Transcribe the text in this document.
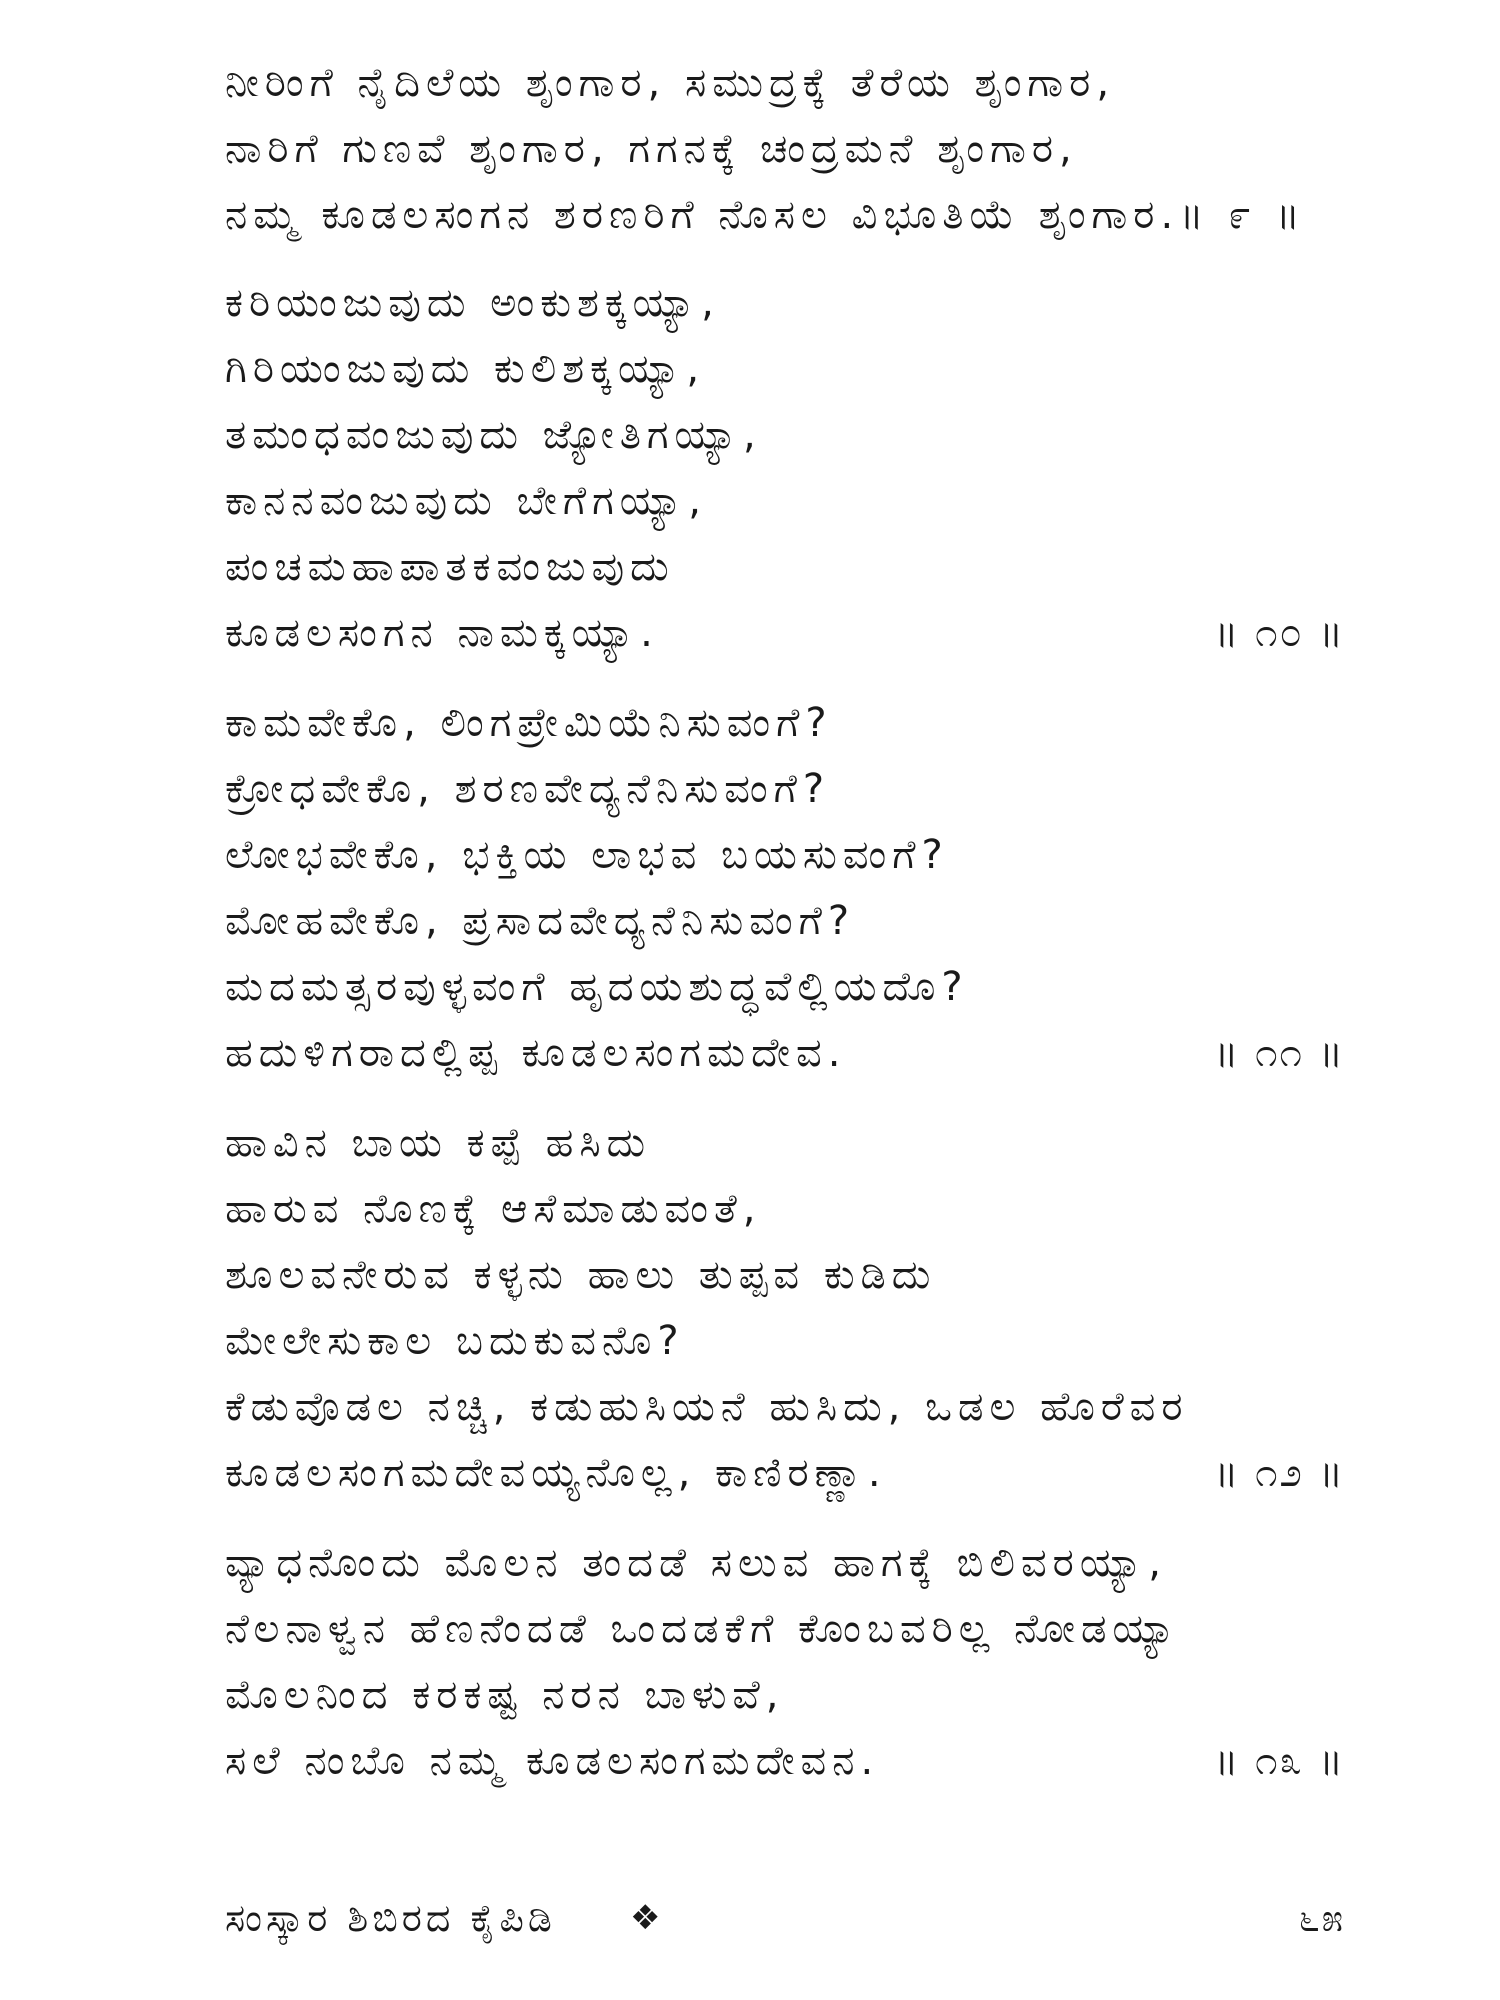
ನೀರಿಂಗೆ ನೈದಿಲೆಯ ಶೃಂಗಾರ, ಸಮುದ್ರಕ್ಕೆ ತೆರೆಯ ಶೃಂಗಾರ,
ನಾರಿಗೆ ಗುಣವೆ ಶೃಂಗಾರ, ಗಗನಕ್ಕೆ ಚಂದ್ರಮನೆ ಶೃಂಗಾರ,
ನಮ್ಮ ಕೂಡಲಸಂಗನ ಶರಣರಿಗೆ ನೊಸಲ ವಿಭೂತಿಯೆ ಶೃಂಗಾರ.॥ ೯ ॥
ಕರಿಯಂಜುವುದು ಅಂಕುಶಕ್ಕಯ್ಯಾ,
ಗಿರಿಯಂಜುವುದು ಕುಲಿಶಕ್ಕಯ್ಯಾ,
ತಮಂಧವಂಜುವುದು ಜ್ಯೋತಿಗಯ್ಯಾ,
ಕಾನನವಂಜುವುದು ಬೇಗೆಗಯ್ಯಾ,
ಪಂಚಮಹಾಪಾತಕವಂಜುವುದು
ಕೂಡಲಸಂಗನ ನಾಮಕ್ಕಯ್ಯಾ.	॥ ೧೦ ॥
ಕಾಮವೇಕೊ, ಲಿಂಗಪ್ರೇಮಿಯೆನಿಸುವಂಗೆ?
ಕ್ರೋಧವೇಕೊ, ಶರಣವೇದ್ಯನೆನಿಸುವಂಗೆ?
ಲೋಭವೇಕೊ, ಭಕ್ತಿಯ ಲಾಭವ ಬಯಸುವಂಗೆ?
ಮೋಹವೇಕೊ, ಪ್ರಸಾದವೇದ್ಯನೆನಿಸುವಂಗೆ?
ಮದಮತ್ಸರವುಳ್ಳವಂಗೆ ಹೃದಯಶುದ್ಧವೆಲ್ಲಿಯದೊ?
ಹದುಳಿಗರಾದಲ್ಲಿಪ್ಪ ಕೂಡಲಸಂಗಮದೇವ.	॥ ೧೧ ॥
ಹಾವಿನ ಬಾಯ ಕಪ್ಪೆ ಹಸಿದು
ಹಾರುವ ನೊಣಕ್ಕೆ ಆಸೆಮಾಡುವಂತೆ,
ಶೂಲವನೇರುವ ಕಳ್ಳನು ಹಾಲು ತುಪ್ಪವ ಕುಡಿದು
ಮೇಲೇಸುಕಾಲ ಬದುಕುವನೊ?
ಕೆಡುವೊಡಲ ನಚ್ಚಿ, ಕಡುಹುಸಿಯನೆ ಹುಸಿದು, ಒಡಲ ಹೊರೆವರ
ಕೂಡಲಸಂಗಮದೇವಯ್ಯನೊಲ್ಲ, ಕಾಣಿರಣ್ಣಾ.	॥ ೧೨ ॥
ವ್ಯಾಧನೊಂದು ಮೊಲನ ತಂದಡೆ ಸಲುವ ಹಾಗಕ್ಕೆ ಬಿಲಿವರಯ್ಯಾ,
ನೆಲನಾಳ್ವನ ಹೆಣನೆಂದಡೆ ಒಂದಡಕೆಗೆ ಕೊಂಬವರಿಲ್ಲ ನೋಡಯ್ಯಾ
ಮೊಲನಿಂದ ಕರಕಷ್ಟ ನರನ ಬಾಳುವೆ,
ಸಲೆ ನಂಬೊ ನಮ್ಮ ಕೂಡಲಸಂಗಮದೇವನ.	॥ ೧೩ ॥
ಸಂಸ್ಕಾರ ಶಿಬಿರದ ಕೈಪಿಡಿ ❖	೬೫
